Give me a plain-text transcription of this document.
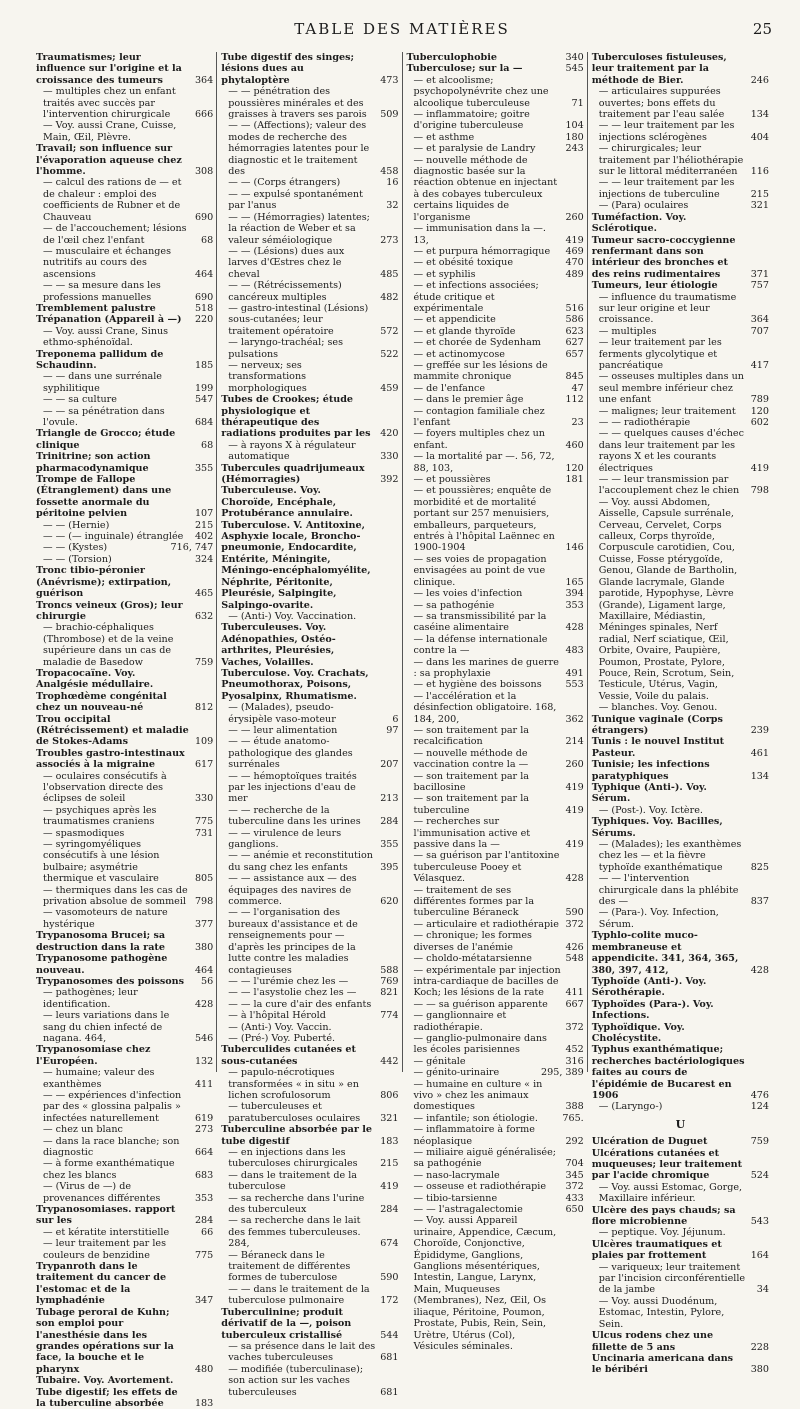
TABLE DES MATIÈRES	25
Traumatismes; leur influence sur l'origine et la croissance des tumeurs	364
— multiples chez un enfant traités avec succès par l'intervention chirurgicale	666
— Voy. aussi Crane, Cuisse, Main, Œil, Plèvre.
Travail; son influence sur l'évaporation aqueuse chez l'homme.	308
— calcul des rations de — et de chaleur : emploi des coefficients de Rubner et de Chauveau	690
— de l'accouchement; lésions de l'œil chez l'enfant	68
— musculaire et échanges nutritifs au cours des ascensions	464
— — sa mesure dans les professions manuelles	690
Tremblement palustre	518
Trépanation (Appareil à —)	220
— Voy. aussi Crane, Sinus ethmo-sphénoïdal.
Treponema pallidum de Schaudinn.	185
— — dans une surrénale syphilitique	199
— — sa culture	547
— — sa pénétration dans l'ovule.	684
Triangle de Grocco; étude clinique	68
Trinitrine; son action pharmacodynamique	355
Trompe de Fallope (Étranglement) dans une fossette anormale du péritoine pelvien	107
— — (Hernie)	215
— — (— inguinale) étranglée	402
— — (Kystes)	716, 747
— — (Torsion)	324
Tronc tibio-péronier (Anévrisme); extirpation, guérison	465
Troncs veineux (Gros); leur chirurgie	632
— brachio-céphaliques (Thrombose) et de la veine supérieure dans un cas de maladie de Basedow	759
Tropacocaïne. Voy. Analgésie médullaire.
Trophœdème congénital chez un nouveau-né	812
Trou occipital (Rétrécissement) et maladie de Stokes-Adams	109
Troubles gastro-intestinaux associés à la migraine	617
— oculaires consécutifs à l'observation directe des éclipses de soleil	330
— psychiques après les traumatismes craniens	775
— spasmodiques	731
— syringomyéliques consécutifs à une lésion bulbaire; asymétrie thermique et vasculaire	805
— thermiques dans les cas de privation absolue de sommeil 798
— vasomoteurs de nature hystérique	377
Trypanosoma Brucei; sa destruction dans la rate	380
Trypanosome pathogène nouveau.	464
Trypanosomes des poissons	56
— pathogènes; leur identification.	428
— leurs variations dans le sang du chien infecté de nagana. 464,	546
Trypanosomiase chez l'Européen.	132
— humaine; valeur des exanthèmes	411
— — expériences d'infection par des « glossina palpalis » infectées naturellement	619
— chez un blanc	273
— dans la race blanche; son diagnostic	664
— à forme exanthématique chez les blancs	683
— (Virus de —) de provenances différentes	353
Trypanosomiases. rapport sur les	284
— et kératite interstitielle	66
— leur traitement par les couleurs de benzidine	775
Trypanroth dans le traitement du cancer de l'estomac et de la lymphadénie	347
Tubage peroral de Kuhn; son emploi pour l'anesthésie dans les grandes opérations sur la face, la bouche et le pharynx	480
Tubaire. Voy. Avortement.
Tube digestif; les effets de la tuberculine absorbée	183
Tube digestif des singes; lésions dues au phytaloptère	473
— — pénétration des poussières minérales et des graisses à travers ses parois	509
— — (Affections); valeur des modes de recherche des hémorragies latentes pour le diagnostic et le traitement des	458
— — (Corps étrangers)	16
— — expulsé spontanément par l'anus	32
— — (Hémorragies) latentes; la réaction de Weber et sa valeur séméiologique	273
— — (Lésions) dues aux larves d'Œstres chez le cheval	485
— — (Rétrécissements) cancéreux multiples	482
— gastro-intestinal (Lésions) sous-cutanées; leur traitement opératoire	572
— laryngo-trachéal; ses pulsations	522
— nerveux; ses transformations morphologiques	459
Tubes de Crookes; étude physiologique et thérapeutique des radiations produites par les	420
— à rayons X à régulateur automatique	330
Tubercules quadrijumeaux (Hémorragies)	392
Tuberculeuse. Voy. Choroïde, Encéphale, Protubérance annulaire.
Tuberculose. V. Antitoxine, Asphyxie locale, Broncho-pneumonie, Endocardite, Entérite, Méningite, Méningo-encéphalomyélite, Néphrite, Péritonite, Pleurésie, Salpingite, Salpingo-ovarite.
— (Anti-) Voy. Vaccination.
Tuberculeuses. Voy. Adénopathies, Ostéo-arthrites, Pleurésies, Vaches, Volailles.
Tuberculose. Voy. Crachats, Pneumothorax, Poisons, Pyosalpinx, Rhumatisme.
— (Malades), pseudo-érysipèle vaso-moteur	6
— — leur alimentation	97
— — étude anatomo-pathologique des glandes surrénales	207
— — hémoptoïques traités par les injections d'eau de mer	213
— — recherche de la tuberculine dans les urines	284
— — virulence de leurs ganglions.	355
— — anémie et reconstitution du sang chez les enfants	395
— — assistance aux — des équipages des navires de commerce.	620
— — l'organisation des bureaux d'assistance et de renseignements pour — d'après les principes de la lutte contre les maladies contagieuses	588
— — l'urémie chez les —	769
— — l'asystolie chez les —	821
— — la cure d'air des enfants — à l'hôpital Hérold	774
— (Anti-) Voy. Vaccin.
— (Pré-) Voy. Puberté.
Tuberculides cutanées et sous-cutanées	442
— papulo-nécrotiques transformées « in situ » en lichen scrofulosorum	806
— tuberculeuses et paratuberculoses oculaires	321
Tuberculine absorbée par le tube digestif	183
— en injections dans les tuberculoses chirurgicales	215
— dans le traitement de la tuberculose	419
— sa recherche dans l'urine des tuberculeux	284
— sa recherche dans le lait des femmes tuberculeuses. 284,	674
— Béraneck dans le traitement de différentes formes de tuberculose	590
— — dans le traitement de la tuberculose pulmonaire	172
Tuberculinine; produit dérivatif de la —, poison tuberculeux cristallisé	544
— sa présence dans le lait des vaches tuberculeuses	681
— modifiée (tuberculinase); son action sur les vaches tuberculeuses	681
Tuberculophobie	340
Tuberculose; sur la —	545
— et alcoolisme; psychopolynévrite chez une alcoolique tuberculeuse	71
— inflammatoire; goitre d'origine tuberculeuse	104
— et asthme	180
— et paralysie de Landry	243
— nouvelle méthode de diagnostic basée sur la réaction obtenue en injectant à des cobayes tuberculeux certains liquides de l'organisme	260
— immunisation dans la —. 13,	419
— et purpura hémorragique	469
— et obésité toxique	470
— et syphilis	489
— et infections associées; étude critique et expérimentale	516
— et appendicite	586
— et glande thyroïde	623
— et chorée de Sydenham	627
— et actinomycose	657
— greffée sur les lésions de mammite chronique	845
— de l'enfance	47
— dans le premier âge	112
— contagion familiale chez l'enfant	23
— foyers multiples chez un enfant.	460
— la mortalité par —. 56, 72, 88, 103,	120
— et poussières	181
— et poussières; enquête de morbidité et de mortalité portant sur 257 menuisiers, emballeurs, parqueteurs, entrés à l'hôpital Laënnec en 1900-1904	146
— ses voies de propagation envisagées au point de vue clinique.	165
— les voies d'infection	394
— sa pathogénie	353
— sa transmissibilité par la caséine alimentaire	428
— la défense internationale contre la —	483
— dans les marines de guerre : sa prophylaxie	491
— et hygiène des boissons	553
— l'accélération et la désinfection obligatoire. 168, 184, 200,	362
— son traitement par la recalcification	214
— nouvelle méthode de vaccination contre la —	260
— son traitement par la bacillosine	419
— son traitement par la tuberculine	419
— recherches sur l'immunisation active et passive dans la —	419
— sa guérison par l'antitoxine tuberculeuse Pooey et Vélasquez.	428
— traitement de ses différentes formes par la tuberculine Béraneck	590
— articulaire et radiothérapie 372
— chronique; les formes diverses de l'anémie	426
— choldo-métatarsienne	548
— expérimentale par injection intra-cardiaque de bacilles de Koch; les lésions de la rate	411
— — sa guérison apparente	667
— ganglionnaire et radiothérapie.	372
— ganglio-pulmonaire dans les écoles parisiennes	452
— génitale	316
— génito-urinaire	295, 389
— humaine en culture « in vivo » chez les animaux domestiques	388
— infantile; son étiologie.	765.
— inflammatoire à forme néoplasique	292
— miliaire aiguë généralisée; sa pathogénie	704
— naso-lacrymale	345
— osseuse et radiothérapie	372
— tibio-tarsienne	433
— — l'astragalectomie	650
— Voy. aussi Appareil urinaire, Appendice, Cæcum, Choroïde, Conjonctive, Épididyme, Ganglions, Ganglions mésentériques, Intestin, Langue, Larynx, Main, Muqueuses (Membranes), Nez, Œil, Os iliaque, Péritoine, Poumon, Prostate, Pubis, Rein, Sein, Urètre, Utérus (Col), Vésicules séminales.
Tuberculoses fistuleuses, leur traitement par la méthode de Bier.	246
— articulaires suppurées ouvertes; bons effets du traitement par l'eau salée	134
— — leur traitement par les injections sclérogènes	404
— chirurgicales; leur traitement par l'héliothérapie sur le littoral méditerranéen	116
— — leur traitement par les injections de tuberculine	215
— (Para) oculaires	321
Tuméfaction. Voy. Sclérotique.
Tumeur sacro-coccygienne renfermant dans son intérieur des bronches et des reins rudimentaires	371
Tumeurs, leur étiologie	757
— influence du traumatisme sur leur origine et leur croissance.	364
— multiples	707
— leur traitement par les ferments glycolytique et pancréatique	417
— osseuses multiples dans un seul membre inférieur chez une enfant	789
— malignes; leur traitement	120
— — radiothérapie	602
— — quelques causes d'échec dans leur traitement par les rayons X et les courants électriques	419
— — leur transmission par l'accouplement chez le chien	798
— Voy. aussi Abdomen, Aisselle, Capsule surrénale, Cerveau, Cervelet, Corps calleux, Corps thyroïde, Corpuscule carotidien, Cou, Cuisse, Fosse ptérygoïde, Genou, Glande de Bartholin, Glande lacrymale, Glande parotide, Hypophyse, Lèvre (Grande), Ligament large, Maxillaire, Médiastin, Méninges spinales, Nerf radial, Nerf sciatique, Œil, Orbite, Ovaire, Paupière, Poumon, Prostate, Pylore, Pouce, Rein, Scrotum, Sein, Testicule, Utérus, Vagin, Vessie, Voile du palais.
— blanches. Voy. Genou.
Tunique vaginale (Corps étrangers)	239
Tunis : le nouvel Institut Pasteur.	461
Tunisie; les infections paratyphiques	134
Typhique (Anti-). Voy. Sérum.
— (Post-). Voy. Ictère.
Typhiques. Voy. Bacilles, Sérums.
— (Malades); les exanthèmes chez les — et la fièvre typhoïde exanthématique	825
— — l'intervention chirurgicale dans la phlébite des —	837
— (Para-). Voy. Infection, Sérum.
Typhlo-colite muco-membraneuse et appendicite. 341, 364, 365, 380, 397, 412,	428
Typhoïde (Anti-). Voy. Sérothérapie.
Typhoïdes (Para-). Voy. Infections.
Typhoïdique. Voy. Cholécystite.
Typhus exanthématique; recherches bactériologiques faites au cours de l'épidémie de Bucarest en 1906	476
— (Laryngo-)	124
U
Ulcération de Duguet	759
Ulcérations cutanées et muqueuses; leur traitement par l'acide chromique	524
— Voy. aussi Estomac, Gorge, Maxillaire inférieur.
Ulcère des pays chauds; sa flore microbienne	543
— peptique. Voy. Jéjunum.
Ulcères traumatiques et plaies par frottement	164
— variqueux; leur traitement par l'incision circonférentielle de la jambe	34
— Voy. aussi Duodénum, Estomac, Intestin, Pylore, Sein.
Ulcus rodens chez une fillette de 5 ans	228
Uncinaria americana dans le béribéri	380
